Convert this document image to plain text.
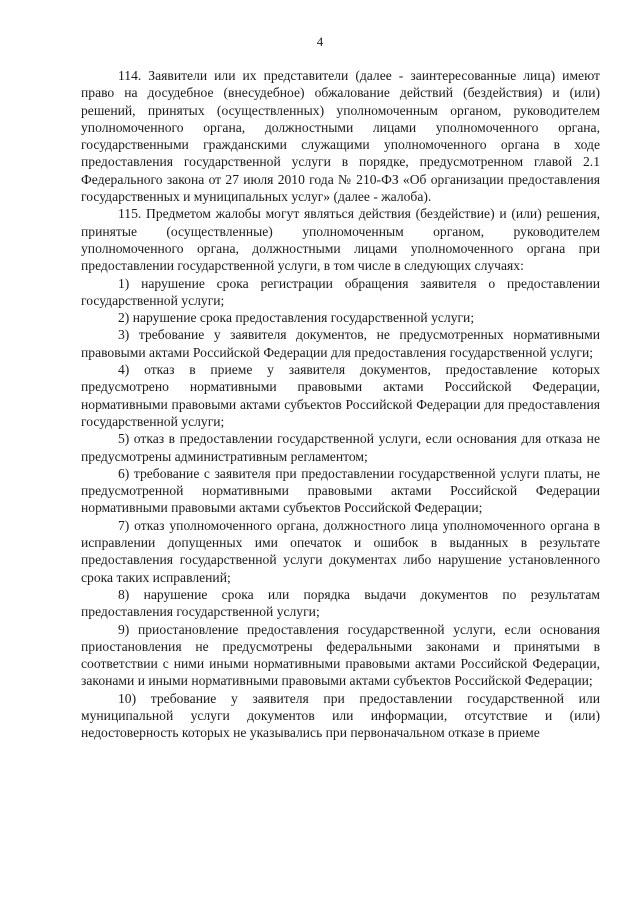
4

114. Заявители или их представители (далее - заинтересованные лица) имеют право на досудебное (внесудебное) обжалование действий (бездействия) и (или) решений, принятых (осуществленных) уполномоченным органом, руководителем уполномоченного органа, должностными лицами уполномоченного органа, государственными гражданскими служащими уполномоченного органа в ходе предоставления государственной услуги в порядке, предусмотренном главой 2.1 Федерального закона от 27 июля 2010 года № 210-ФЗ «Об организации предоставления государственных и муниципальных услуг» (далее - жалоба).

115. Предметом жалобы могут являться действия (бездействие) и (или) решения, принятые (осуществленные) уполномоченным органом, руководителем уполномоченного органа, должностными лицами уполномоченного органа при предоставлении государственной услуги, в том числе в следующих случаях:

1) нарушение срока регистрации обращения заявителя о предоставлении государственной услуги;

2) нарушение срока предоставления государственной услуги;

3) требование у заявителя документов, не предусмотренных нормативными правовыми актами Российской Федерации для предоставления государственной услуги;

4) отказ в приеме у заявителя документов, предоставление которых предусмотрено нормативными правовыми актами Российской Федерации, нормативными правовыми актами субъектов Российской Федерации для предоставления государственной услуги;

5) отказ в предоставлении государственной услуги, если основания для отказа не предусмотрены административным регламентом;

6) требование с заявителя при предоставлении государственной услуги платы, не предусмотренной нормативными правовыми актами Российской Федерации нормативными правовыми актами субъектов Российской Федерации;

7) отказ уполномоченного органа, должностного лица уполномоченного органа в исправлении допущенных ими опечаток и ошибок в выданных в результате предоставления государственной услуги документах либо нарушение установленного срока таких исправлений;

8) нарушение срока или порядка выдачи документов по результатам предоставления государственной услуги;

9) приостановление предоставления государственной услуги, если основания приостановления не предусмотрены федеральными законами и принятыми в соответствии с ними иными нормативными правовыми актами Российской Федерации, законами и иными нормативными правовыми актами субъектов Российской Федерации;

10) требование у заявителя при предоставлении государственной или муниципальной услуги документов или информации, отсутствие и (или) недостоверность которых не указывались при первоначальном отказе в приеме
